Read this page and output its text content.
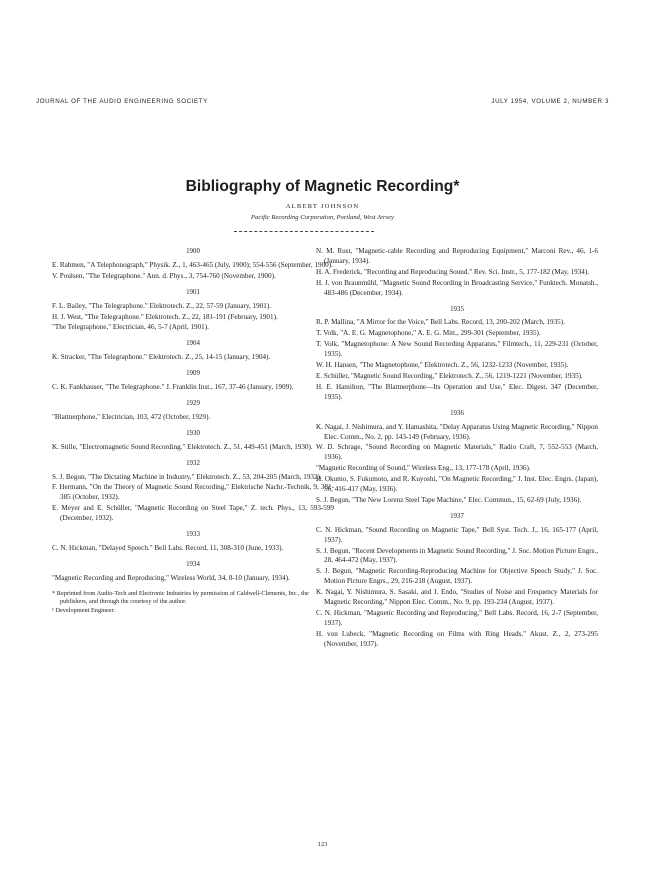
JOURNAL OF THE AUDIO ENGINEERING SOCIETY	JULY 1954, VOLUME 2, NUMBER 3
Bibliography of Magnetic Recording*
ALBERT JOHNSON
Pacific Recording Corporation, Portland, West Jersey
1900
E. Rahmen, "A Telephonograph," Physik. Z., 1, 463-465 (July, 1900); 554-556 (September, 1900).
V. Poulsen, "The Telegraphone." Ann. d. Phys., 3, 754-760 (November, 1900).
1901
F. L. Bailey, "The Telegraphone." Elektrotech. Z., 22, 57-59 (January, 1901).
H. J. West, "The Telegraphone." Elektrotech. Z., 22, 181-191 (February, 1901).
"The Telegraphone," Electrician, 46, 5-7 (April, 1901).
1904
K. Stracker, "The Telegraphone." Elektrotech. Z., 25, 14-15 (January, 1904).
1909
C. K. Fankhauser, "The Telegraphone." J. Franklin Inst., 167, 37-46 (January, 1909).
1929
"Blattnerphone," Electrician, 103, 472 (October, 1929).
1930
K. Stille, "Electromagnetic Sound Recording." Elektrotech. Z., 51, 449-451 (March, 1930).
1932
S. J. Begun, "The Dictating Machine in Industry," Elektrotech. Z., 53, 204-205 (March, 1932).
F. Hermann, "On the Theory of Magnetic Sound Recording," Elektrische Nachr.-Technik, 9, 381-385 (October, 1932).
E. Meyer and E. Schüller, "Magnetic Recording on Steel Tape," Z. tech. Phys., 13, 593-599 (December, 1932).
1933
C. N. Hickman, "Delayed Speech." Bell Labs. Record, 11, 308-310 (June, 1933).
1934
"Magnetic Recording and Reproducing," Wireless World, 34, 8-10 (January, 1934).
* Reprinted from Audio-Tech and Electronic Industries by permission of Caldwell-Clements, Inc., the publishers, and through the courtesy of the author.
¹ Development Engineer.
N. M. Rust, "Magnetic-cable Recording and Reproducing Equipment," Marconi Rev., 46, 1-6 (January, 1934).
H. A. Frederick, "Recording and Reproducing Sound." Rev. Sci. Instr., 5, 177-182 (May, 1934).
H. J. von Braunmühl, "Magnetic Sound Recording in Broadcasting Service," Funktech. Monatsh., 483-486 (December, 1934).
1935
R. P. Mallina, "A Mirror for the Voice," Bell Labs. Record, 13, 200-202 (March, 1935).
T. Volk, "A. E. G. Magnetophone," A. E. G. Mitt., 299-301 (September, 1935).
T. Volk, "Magnetophone: A New Sound Recording Apparatus," Filmtech., 11, 229-231 (October, 1935).
W. H. Hansen, "The Magnetophone," Elektrotech. Z., 56, 1232-1233 (November, 1935).
E. Schüller, "Magnetic Sound Recording," Elektrotech. Z., 56, 1219-1221 (November, 1935).
H. E. Hamilton, "The Blattnerphone—Its Operation and Use," Elec. Digest, 347 (December, 1935).
1936
K. Nagai, J. Nishimura, and Y. Hamashita, "Delay Apparatus Using Magnetic Recording," Nippon Elec. Comm., No. 2, pp. 143-149 (February, 1936).
W. D. Schrage, "Sound Recording on Magnetic Materials," Radio Craft, 7, 552-553 (March, 1936).
"Magnetic Recording of Sound," Wireless Eng., 13, 177-178 (April, 1936).
H. Okumo, S. Fukumoto, and R. Kuyoshi, "On Magnetic Recording," J. Inst. Elec. Engrs. (Japan), 56, 416-417 (May, 1936).
S. J. Begun, "The New Lorenz Steel Tape Machine," Elec. Commun., 15, 62-69 (July, 1936).
1937
C. N. Hickman, "Sound Recording on Magnetic Tape," Bell Syst. Tech. J., 16, 165-177 (April, 1937).
S. J. Begun, "Recent Developments in Magnetic Sound Recording," J. Soc. Motion Picture Engrs., 28, 464-472 (May, 1937).
S. J. Begun, "Magnetic Recording-Reproducing Machine for Objective Speech Study," J. Soc. Motion Picture Engrs., 29, 216-218 (August, 1937).
K. Nagai, Y. Nishimura, S. Sasaki, and J. Endo, "Studies of Noise and Frequency Materials for Magnetic Recording," Nippon Elec. Comm., No. 9, pp. 193-234 (August, 1937).
C. N. Hickman, "Magnetic Recording and Reproducing," Bell Labs. Record, 16, 2-7 (September, 1937).
H. von Lubeck, "Magnetic Recording on Films with Ring Heads," Akust. Z., 2, 273-295 (November, 1937).
123
